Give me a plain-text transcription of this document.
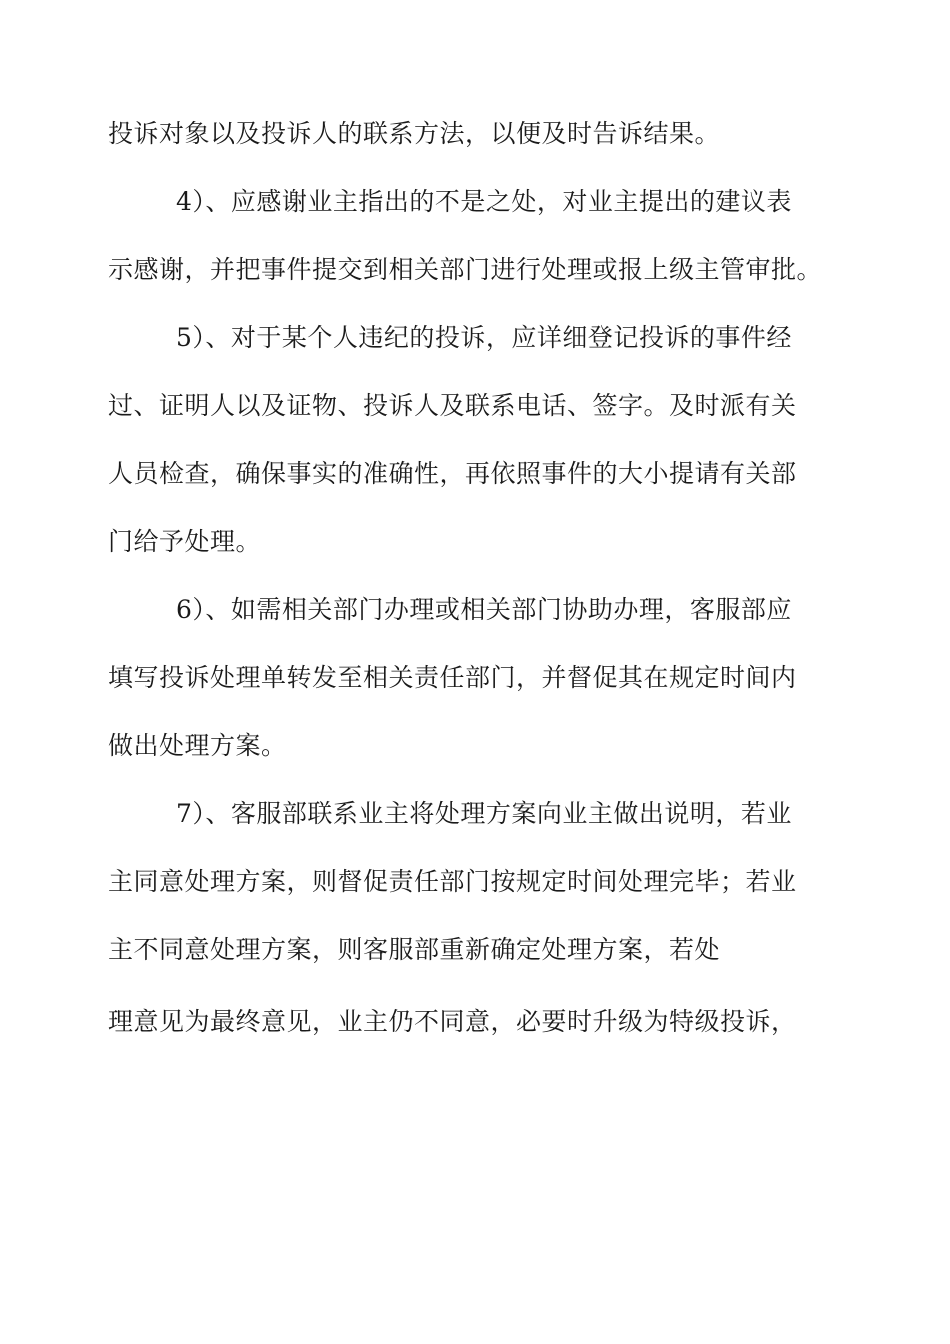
投诉对象以及投诉人的联系方法，以便及时告诉结果。
4）、应感谢业主指出的不是之处，对业主提出的建议表
示感谢，并把事件提交到相关部门进行处理或报上级主管审批。
5）、对于某个人违纪的投诉，应详细登记投诉的事件经
过、证明人以及证物、投诉人及联系电话、签字。及时派有关
人员检查，确保事实的准确性，再依照事件的大小提请有关部
门给予处理。
6）、如需相关部门办理或相关部门协助办理，客服部应
填写投诉处理单转发至相关责任部门，并督促其在规定时间内
做出处理方案。
7）、客服部联系业主将处理方案向业主做出说明，若业
主同意处理方案，则督促责任部门按规定时间处理完毕；若业
主不同意处理方案，则客服部重新确定处理方案，若处
理意见为最终意见，业主仍不同意，必要时升级为特级投诉，
